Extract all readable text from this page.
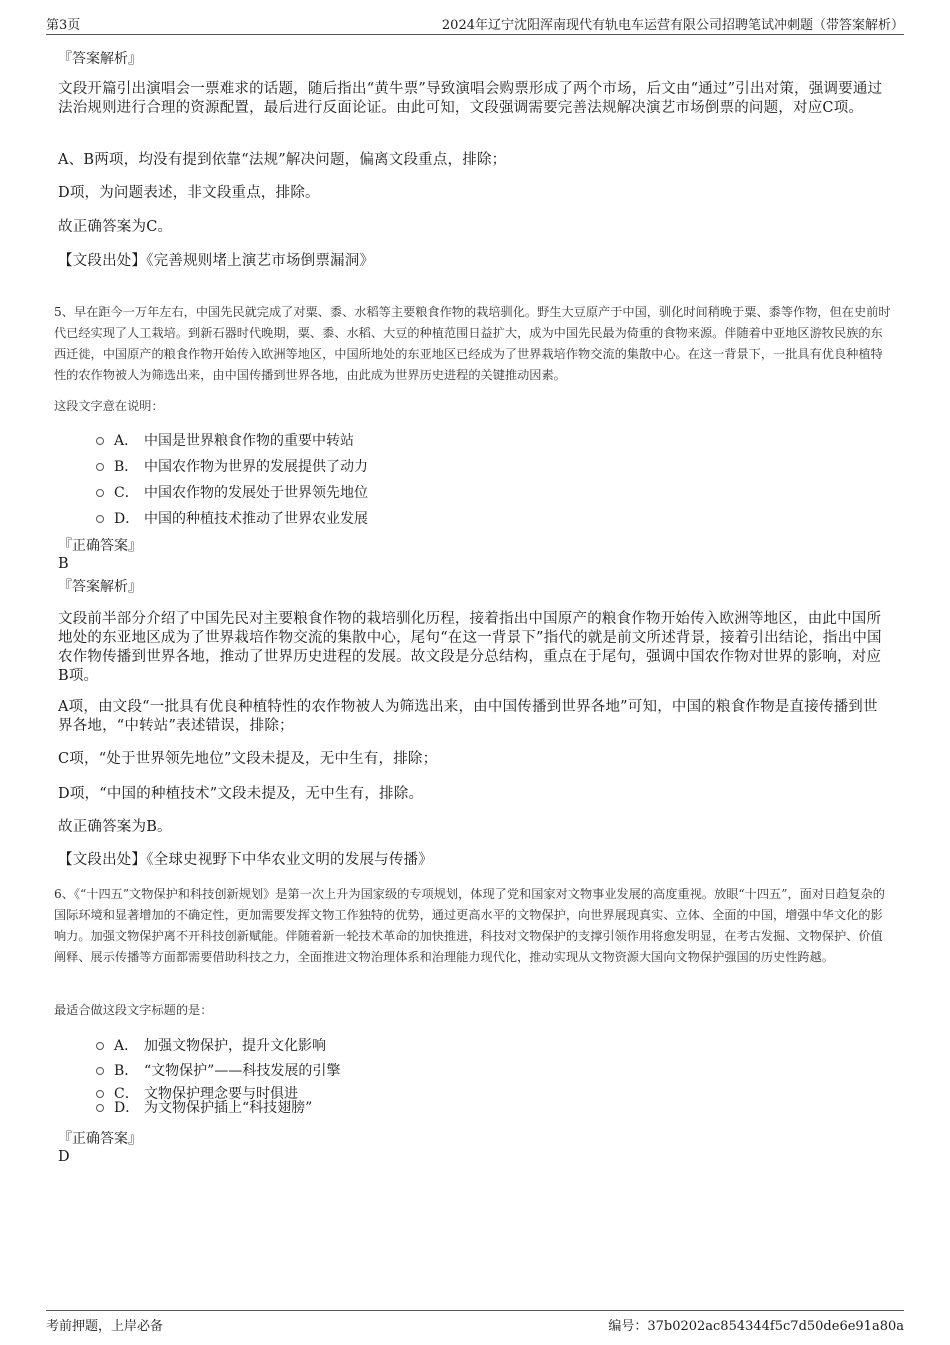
第3页	2024年辽宁沈阳浑南现代有轨电车运营有限公司招聘笔试冲刺题（带答案解析）
『答案解析』
文段开篇引出演唱会一票难求的话题，随后指出“黄牛票”导致演唱会购票形成了两个市场，后文由“通过”引出对策，强调要通过法治规则进行合理的资源配置，最后进行反面论证。由此可知，文段强调需要完善法规解决演艺市场倒票的问题，对应C项。
A、B两项，均没有提到依靠“法规”解决问题，偏离文段重点，排除；
D项，为问题表述，非文段重点，排除。
故正确答案为C。
【文段出处】《完善规则堵上演艺市场倒票漏洞》
5、早在距今一万年左右，中国先民就完成了对粟、黍、水稻等主要粮食作物的栽培驯化。野生大豆原产于中国，驯化时间稍晚于粟、黍等作物，但在史前时代已经实现了人工栽培。到新石器时代晚期，粟、黍、水稻、大豆的种植范围日益扩大，成为中国先民最为倚重的食物来源。伴随着中亚地区游牧民族的东西迁徙，中国原产的粮食作物开始传入欧洲等地区，中国所地处的东亚地区已经成为了世界栽培作物交流的集散中心。在这一背景下，一批具有优良种植特性的农作物被人为筛选出来，由中国传播到世界各地，由此成为世界历史进程的关键推动因素。
这段文字意在说明：
A． 中国是世界粮食作物的重要中转站
B． 中国农作物为世界的发展提供了动力
C． 中国农作物的发展处于世界领先地位
D． 中国的种植技术推动了世界农业发展
『正确答案』
B
『答案解析』
文段前半部分介绍了中国先民对主要粮食作物的栽培驯化历程，接着指出中国原产的粮食作物开始传入欧洲等地区，由此中国所地处的东亚地区成为了世界栽培作物交流的集散中心，尾句“在这一背景下”指代的就是前文所述背景，接着引出结论，指出中国农作物传播到世界各地，推动了世界历史进程的发展。故文段是分总结构，重点在于尾句，强调中国农作物对世界的影响，对应B项。
A项，由文段“一批具有优良种植特性的农作物被人为筛选出来，由中国传播到世界各地”可知，中国的粮食作物是直接传播到世界各地，“中转站”表述错误，排除；
C项，“处于世界领先地位”文段未提及，无中生有，排除；
D项，“中国的种植技术”文段未提及，无中生有，排除。
故正确答案为B。
【文段出处】《全球史视野下中华农业文明的发展与传播》
6、《“十四五”文物保护和科技创新规划》是第一次上升为国家级的专项规划，体现了党和国家对文物事业发展的高度重视。放眼“十四五”，面对日趋复杂的国际环境和显著增加的不确定性，更加需要发挥文物工作独特的优势，通过更高水平的文物保护，向世界展现真实、立体、全面的中国，增强中华文化的影响力。加强文物保护离不开科技创新赋能。伴随着新一轮技术革命的加快推进，科技对文物保护的支撑引领作用将愈发明显，在考古发掘、文物保护、价值阐释、展示传播等方面都需要借助科技之力，全面推进文物治理体系和治理能力现代化，推动实现从文物资源大国向文物保护强国的历史性跨越。
最适合做这段文字标题的是：
A． 加强文物保护，提升文化影响
B． “文物保护”——科技发展的引擎
C． 文物保护理念要与时俱进
D． 为文物保护插上“科技翅膀”
『正确答案』
D
考前押题，上岸必备	编号：37b0202ac854344f5c7d50de6e91a80a
